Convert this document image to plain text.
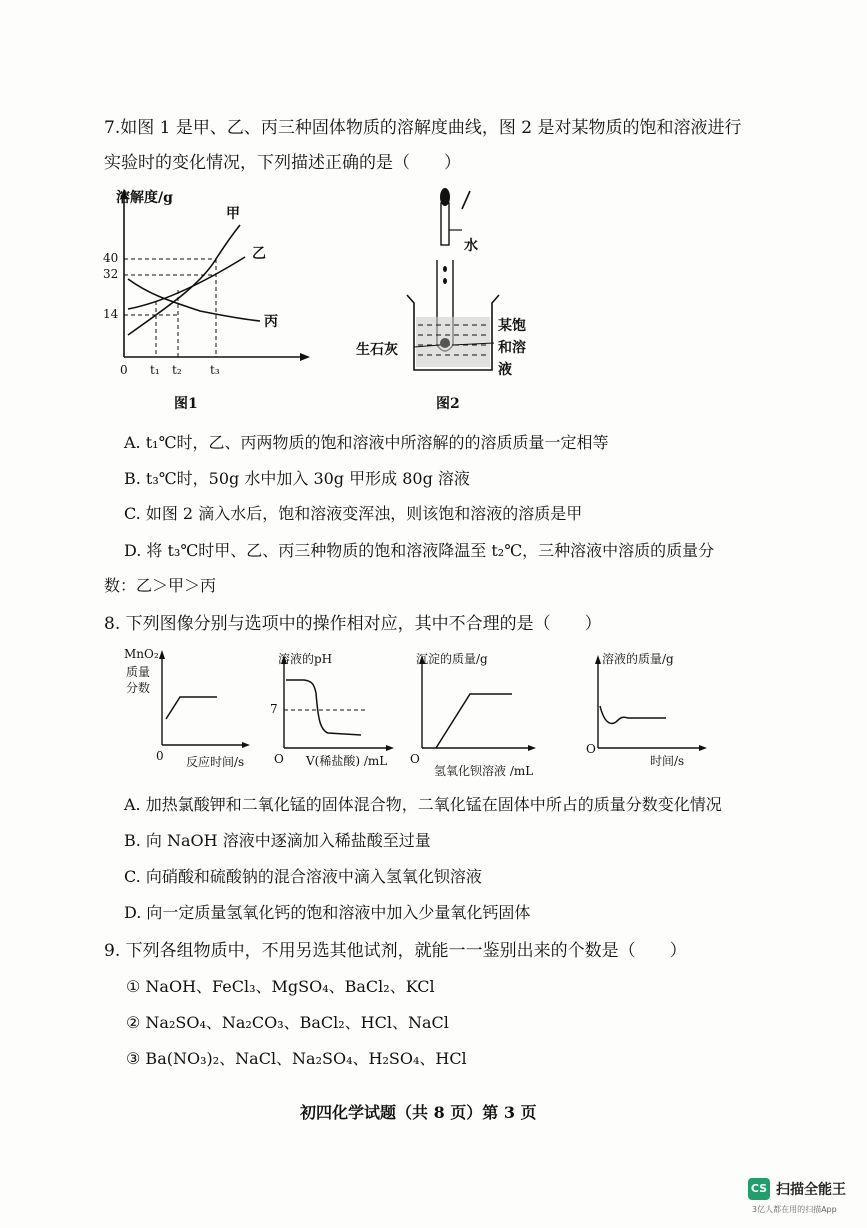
7.如图 1 是甲、乙、丙三种固体物质的溶解度曲线，图 2 是对某物质的饱和溶液进行
实验时的变化情况，下列描述正确的是（　　）
溶解度/g
40
32
14
0 t₁ t₂ t₃
甲
乙
丙
图1
水
生石灰
某饱
和溶
液
图2
A. t₁℃时，乙、丙两物质的饱和溶液中所溶解的的溶质质量一定相等
B. t₃℃时，50g 水中加入 30g 甲形成 80g 溶液
C. 如图 2 滴入水后，饱和溶液变浑浊，则该饱和溶液的溶质是甲
D. 将 t₃℃时甲、乙、丙三种物质的饱和溶液降温至 t₂℃，三种溶液中溶质的质量分
数：乙＞甲＞丙
8. 下列图像分别与选项中的操作相对应，其中不合理的是（　　）
MnO₂
质量
分数
0 反应时间/s
溶液的pH
7
O V(稀盐酸) /mL
沉淀的质量/g
O
氢氧化钡溶液 /mL
溶液的质量/g
O
时间/s
A. 加热氯酸钾和二氧化锰的固体混合物，二氧化锰在固体中所占的质量分数变化情况
B. 向 NaOH 溶液中逐滴加入稀盐酸至过量
C. 向硝酸和硫酸钠的混合溶液中滴入氢氧化钡溶液
D. 向一定质量氢氧化钙的饱和溶液中加入少量氧化钙固体
9. 下列各组物质中，不用另选其他试剂，就能一一鉴别出来的个数是（　　）
① NaOH、FeCl₃、MgSO₄、BaCl₂、KCl
② Na₂SO₄、Na₂CO₃、BaCl₂、HCl、NaCl
③ Ba(NO₃)₂、NaCl、Na₂SO₄、H₂SO₄、HCl
初四化学试题（共 8 页）第 3 页
CS 扫描全能王
3亿人都在用的扫描App
